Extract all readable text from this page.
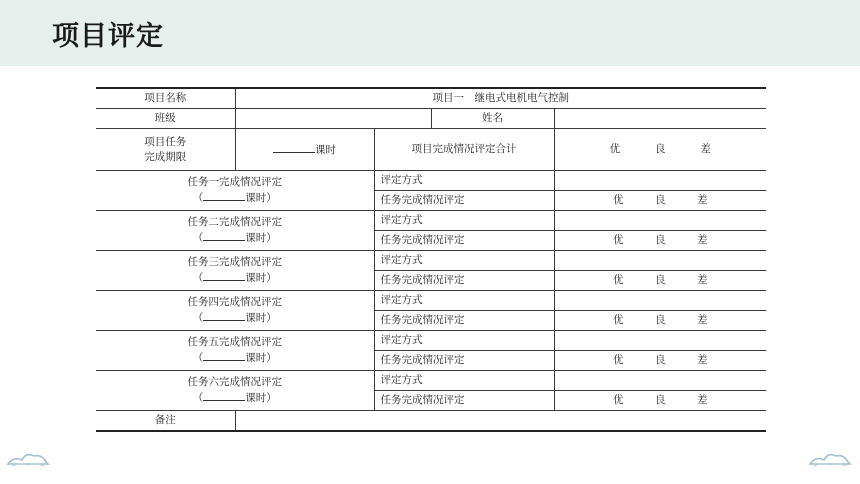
项目评定
项目名称	项目一　继电式电机电气控制			
班级			姓名	

项目任务
完成期限	课时	项目完成情况评定合计		优 良 差

任务一完成情况评定
（ 课时）		评定方式		
		任务完成情况评定		优 良 差

任务二完成情况评定
（ 课时）		评定方式		
		任务完成情况评定		优 良 差

任务三完成情况评定
（ 课时）		评定方式		
		任务完成情况评定		优 良 差

任务四完成情况评定
（ 课时）		评定方式		
		任务完成情况评定		优 良 差

任务五完成情况评定
（ 课时）		评定方式		
		任务完成情况评定		优 良 差

任务六完成情况评定
（ 课时）		评定方式		
		任务完成情况评定		优 良 差
备注				
